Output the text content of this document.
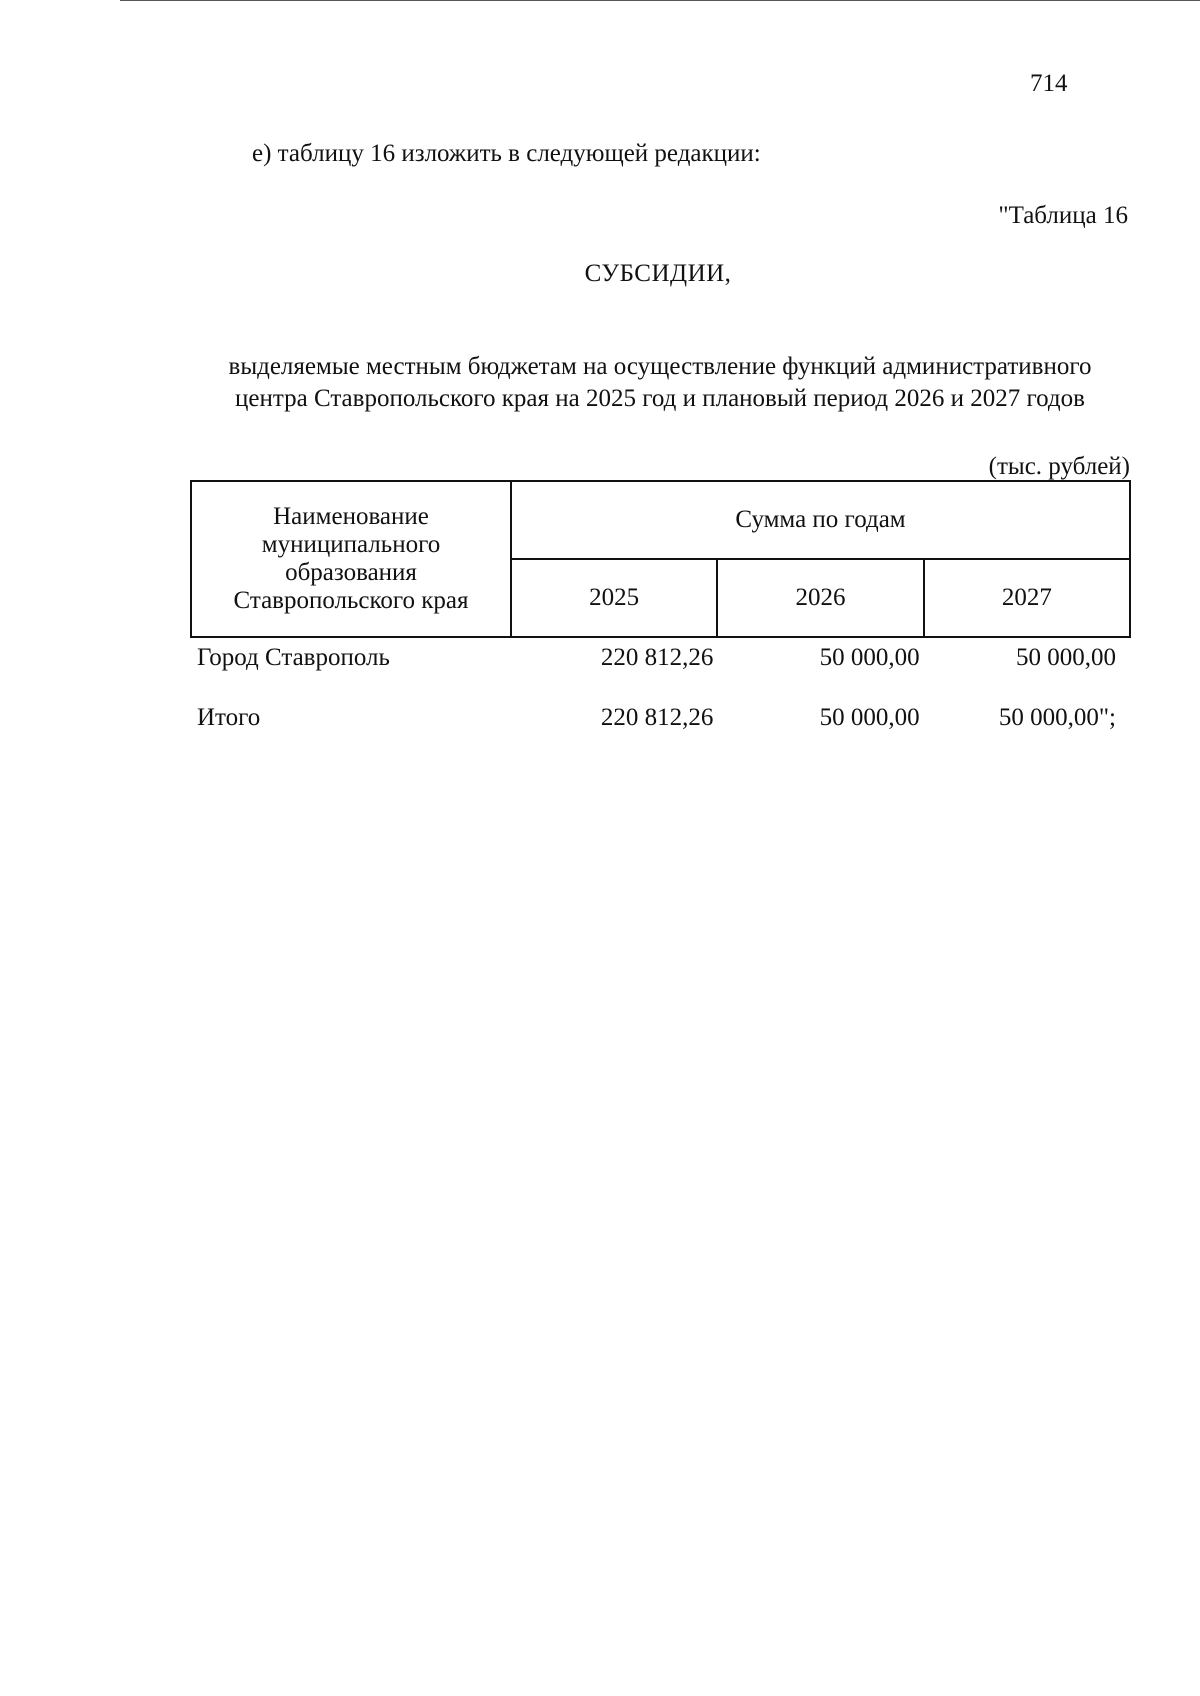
714
е) таблицу 16 изложить в следующей редакции:
"Таблица 16
СУБСИДИИ,
выделяемые местным бюджетам на осуществление функций административного
центра Ставропольского края на 2025 год и плановый период 2026 и 2027 годов
(тыс. рублей)
Наименование
муниципального
образования
Ставропольского края	Сумма по годам		
	2025	2026	2027
Город Ставрополь	220 812,26	50 000,00	50 000,00
Итого	220 812,26	50 000,00	50 000,00";
